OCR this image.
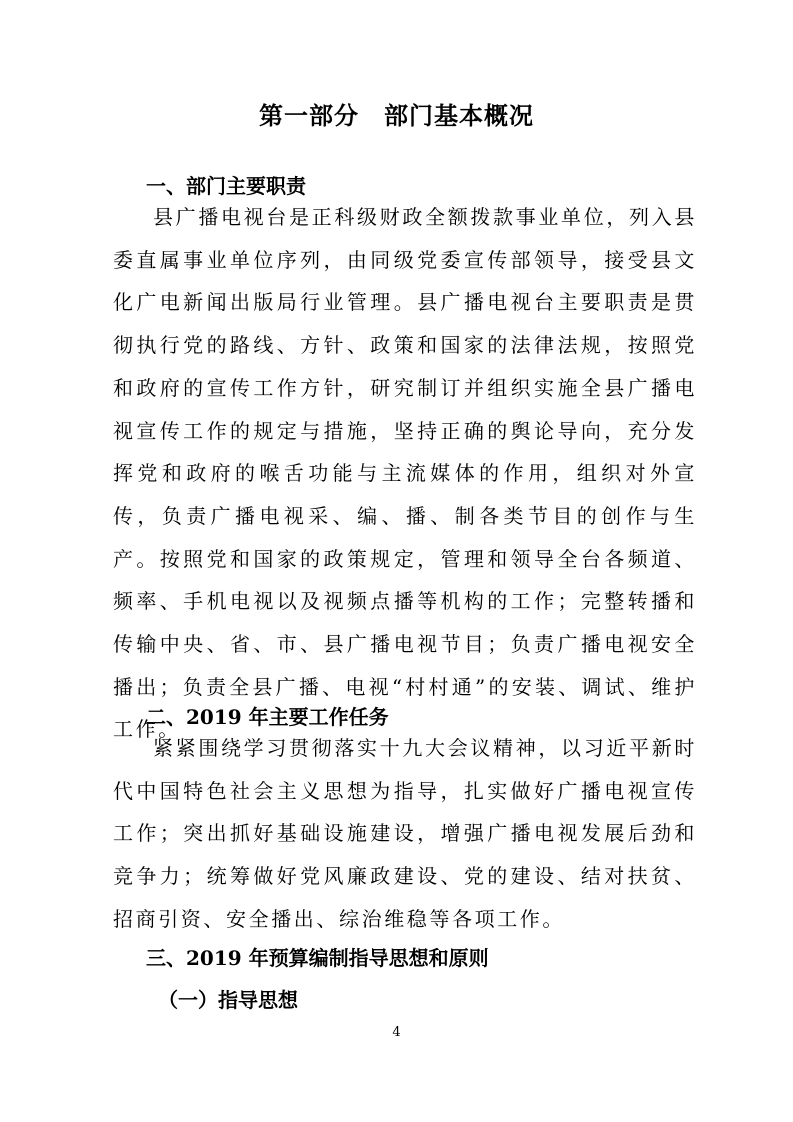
第一部分　部门基本概况
一、部门主要职责

县广播电视台是正科级财政全额拨款事业单位，列入县委直属事业单位序列，由同级党委宣传部领导，接受县文化广电新闻出版局行业管理。县广播电视台主要职责是贯彻执行党的路线、方针、政策和国家的法律法规，按照党和政府的宣传工作方针，研究制订并组织实施全县广播电视宣传工作的规定与措施，坚持正确的舆论导向，充分发挥党和政府的喉舌功能与主流媒体的作用，组织对外宣传，负责广播电视采、编、播、制各类节目的创作与生产。按照党和国家的政策规定，管理和领导全台各频道、频率、手机电视以及视频点播等机构的工作；完整转播和传输中央、省、市、县广播电视节目；负责广播电视安全播出；负责全县广播、电视“村村通”的安装、调试、维护工作。

二、2019 年主要工作任务

紧紧围绕学习贯彻落实十九大会议精神，以习近平新时代中国特色社会主义思想为指导，扎实做好广播电视宣传工作；突出抓好基础设施建设，增强广播电视发展后劲和竞争力；统筹做好党风廉政建设、党的建设、结对扶贫、招商引资、安全播出、综治维稳等各项工作。

三、2019 年预算编制指导思想和原则
（一）指导思想
4
